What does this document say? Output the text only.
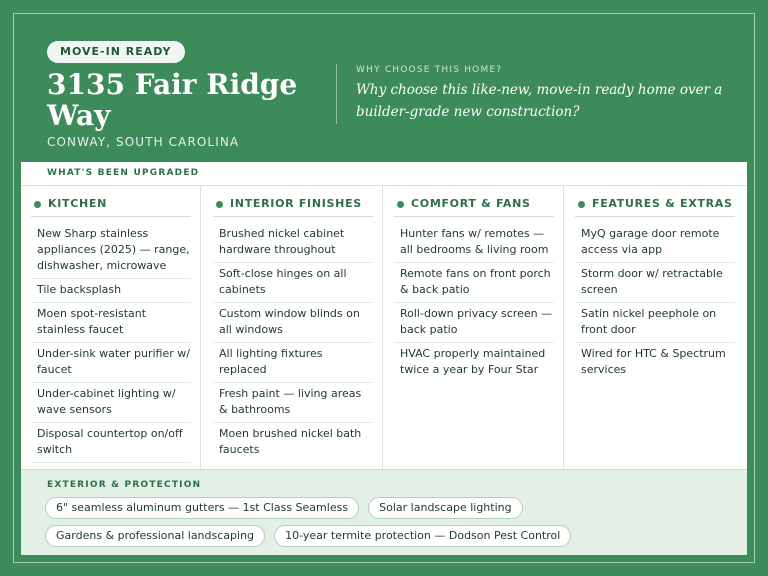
MOVE-IN READY
3135 Fair Ridge Way
CONWAY, SOUTH CAROLINA
WHY CHOOSE THIS HOME?
Why choose this like-new, move-in ready home over a builder-grade new construction?
WHAT'S BEEN UPGRADED
KITCHEN
New Sharp stainless appliances (2025) — range, dishwasher, microwave
Tile backsplash
Moen spot-resistant stainless faucet
Under-sink water purifier w/ faucet
Under-cabinet lighting w/ wave sensors
Disposal countertop on/off switch
INTERIOR FINISHES
Brushed nickel cabinet hardware throughout
Soft-close hinges on all cabinets
Custom window blinds on all windows
All lighting fixtures replaced
Fresh paint — living areas & bathrooms
Moen brushed nickel bath faucets
COMFORT & FANS
Hunter fans w/ remotes — all bedrooms & living room
Remote fans on front porch & back patio
Roll-down privacy screen — back patio
HVAC properly maintained twice a year by Four Star
FEATURES & EXTRAS
MyQ garage door remote access via app
Storm door w/ retractable screen
Satin nickel peephole on front door
Wired for HTC & Spectrum services
EXTERIOR & PROTECTION
6" seamless aluminum gutters — 1st Class Seamless	Solar landscape lighting Gardens & professional landscaping	10-year termite protection — Dodson Pest Control
